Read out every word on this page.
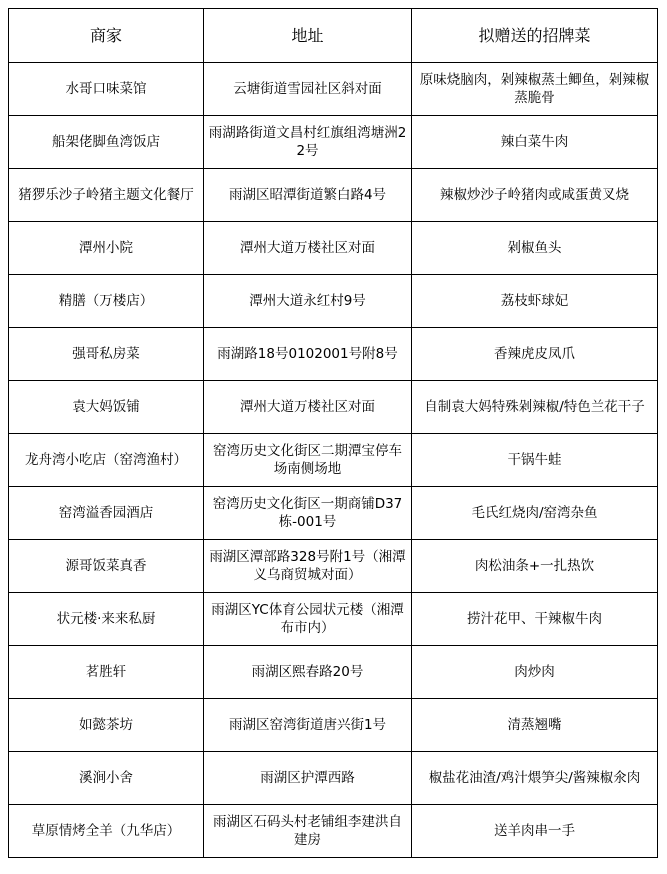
商家	地址	拟赠送的招牌菜
水哥口味菜馆	云塘街道雪园社区斜对面	原味烧脑肉，剁辣椒蒸土鲫鱼，剁辣椒蒸脆骨
船架佬脚鱼湾饭店	雨湖路街道文昌村红旗组湾塘洲22号	辣白菜牛肉
猪猡乐沙子岭猪主题文化餐厅	雨湖区昭潭街道繁白路4号	辣椒炒沙子岭猪肉或咸蛋黄叉烧
潭州小院	潭州大道万楼社区对面	剁椒鱼头
精膳（万楼店）	潭州大道永红村9号	荔枝虾球妃
强哥私房菜	雨湖路18号0102001号附8号	香辣虎皮凤爪
袁大妈饭铺	潭州大道万楼社区对面	自制袁大妈特殊剁辣椒/特色兰花干子
龙舟湾小吃店（窑湾渔村）	窑湾历史文化街区二期潭宝停车场南侧场地	干锅牛蛙
窑湾溢香园酒店	窑湾历史文化街区一期商铺D37栋-001号	毛氏红烧肉/窑湾杂鱼
源哥饭菜真香	雨湖区潭部路328号附1号（湘潭义乌商贸城对面）	肉松油条+一扎热饮
状元楼·来来私厨	雨湖区YC体育公园状元楼（湘潭布市内）	捞汁花甲、干辣椒牛肉
茗胜轩	雨湖区熙春路20号	肉炒肉
如懿茶坊	雨湖区窑湾街道唐兴街1号	清蒸翘嘴
溪涧小舍	雨湖区护潭西路	椒盐花油渣/鸡汁煨笋尖/酱辣椒氽肉
草原情烤全羊（九华店）	雨湖区石码头村老铺组李建洪自建房	送羊肉串一手
